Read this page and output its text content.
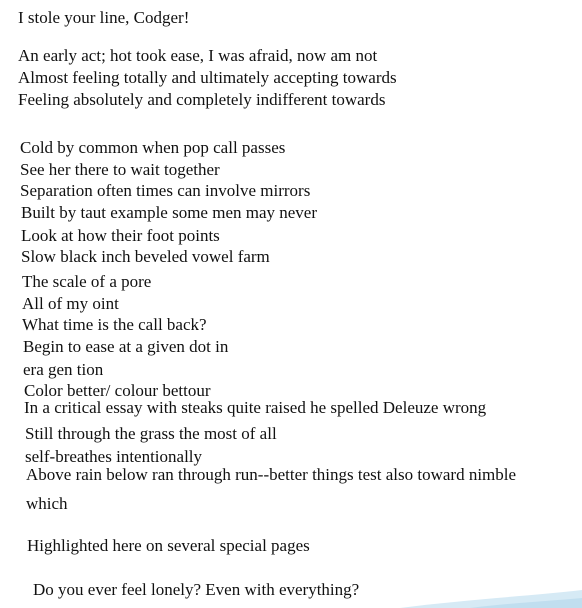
I stole your line, Codger!

An early act; hot took ease, I was afraid, now am not

Almost feeling totally and ultimately accepting towards

Feeling absolutely and completely indifferent towards

Cold by common when pop call passes

See her there to wait together

Separation often times can involve mirrors

Built by taut example some men may never

Look at how their foot points

Slow black inch beveled vowel farm

The scale of a pore

All of my oint

What time is the call back?

Begin to ease at a given dot in

era gen tion

Color better/ colour bettour

In a critical essay with steaks quite raised he spelled Deleuze wrong

Still through the grass the most of all

self-breathes intentionally

Above rain below ran through run--better things test also toward nimble

which

Highlighted here on several special pages

Do you ever feel lonely? Even with everything?
